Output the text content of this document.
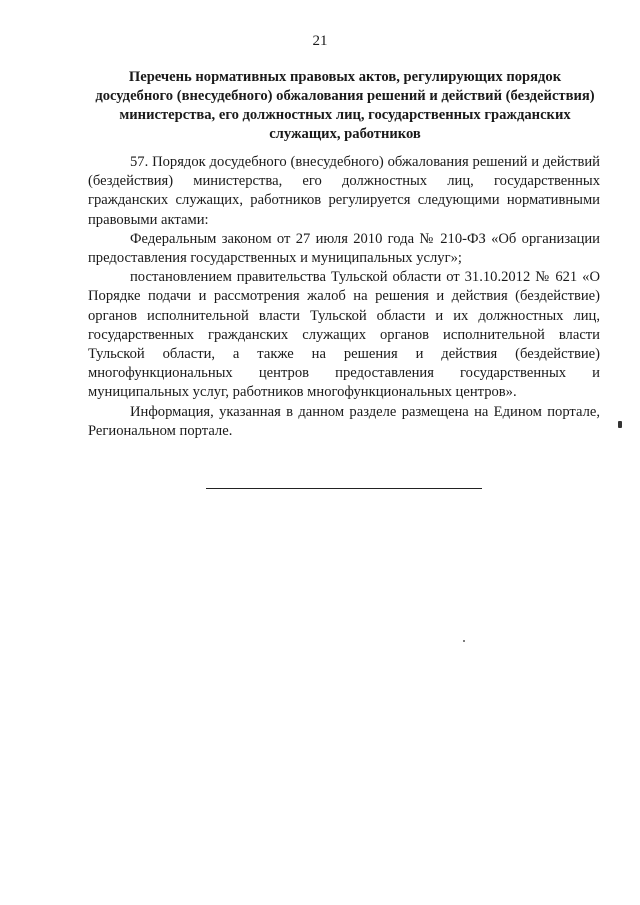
21
Перечень нормативных правовых актов, регулирующих порядок досудебного (внесудебного) обжалования решений и действий (бездействия) министерства, его должностных лиц, государственных гражданских служащих, работников

57. Порядок досудебного (внесудебного) обжалования решений и действий (бездействия) министерства, его должностных лиц, государственных гражданских служащих, работников регулируется следующими нормативными правовыми актами:

Федеральным законом от 27 июля 2010 года № 210-ФЗ «Об организации предоставления государственных и муниципальных услуг»;

постановлением правительства Тульской области от 31.10.2012 № 621 «О Порядке подачи и рассмотрения жалоб на решения и действия (бездействие) органов исполнительной власти Тульской области и их должностных лиц, государственных гражданских служащих органов исполнительной власти Тульской области, а также на решения и действия (бездействие) многофункциональных центров предоставления государственных и муниципальных услуг, работников многофункциональных центров».

Информация, указанная в данном разделе размещена на Едином портале, Региональном портале.
